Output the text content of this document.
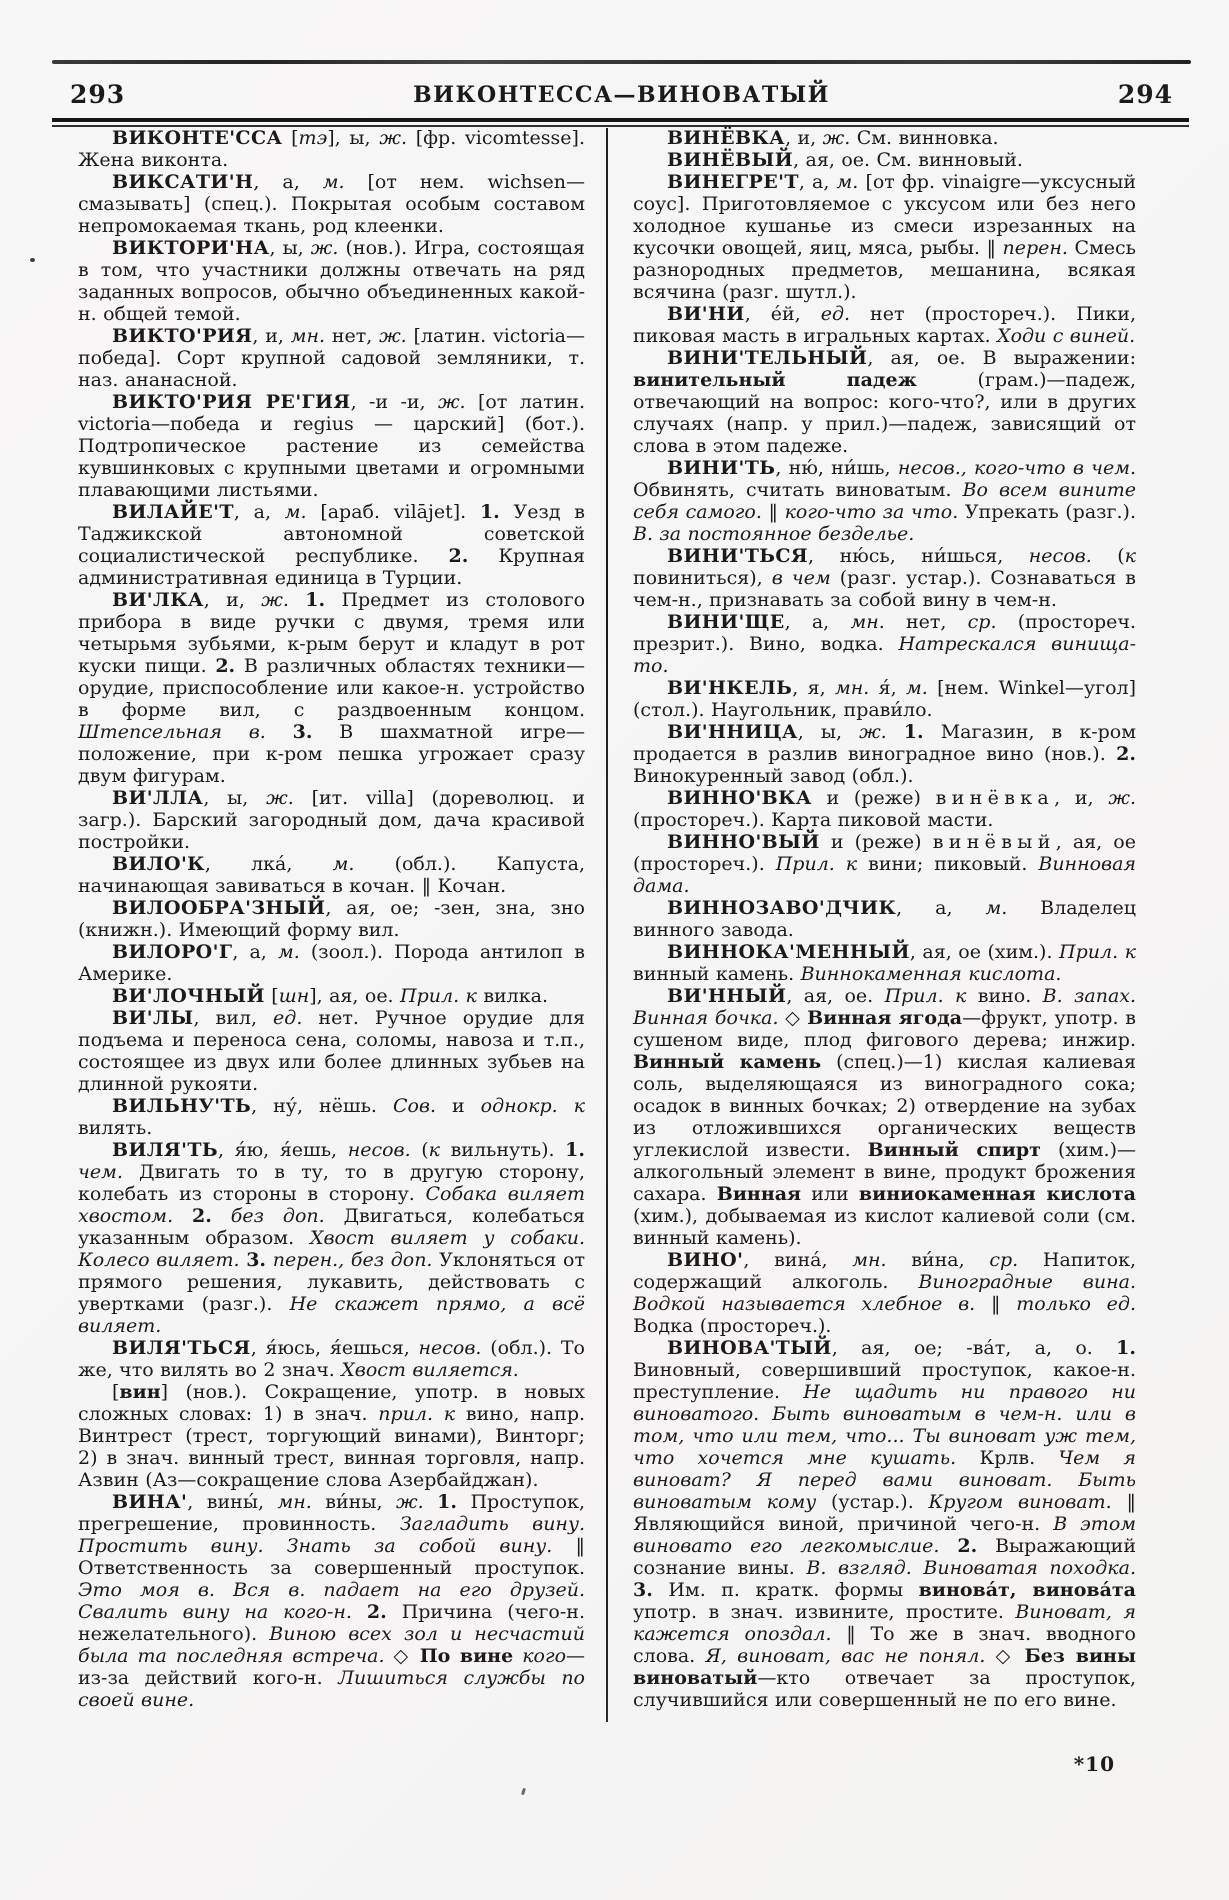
293	ВИКОНТЕССА—ВИНОВАТЫЙ	294

ВИКОНТЕ'ССА [тэ], ы, ж. [фр. vicomtesse]. Жена виконта.

ВИКСАТИ'Н, а, м. [от нем. wichsen—смазывать] (спец.). Покрытая особым составом непромокаемая ткань, род клеенки.

ВИКТОРИ'НА, ы, ж. (нов.). Игра, состоящая в том, что участники должны отвечать на ряд заданных вопросов, обычно объединенных какой-н. общей темой.

ВИКТО'РИЯ, и, мн. нет, ж. [латин. victoria—победа]. Сорт крупной садовой земляники, т. наз. ананасной.

ВИКТО'РИЯ РЕ'ГИЯ, -и -и, ж. [от латин. victoria—победа и regius — царский] (бот.). Подтропическое растение из семейства кувшинковых с крупными цветами и огромными плавающими листьями.

ВИЛАЙЕ'Т, а, м. [араб. vilājet]. 1. Уезд в Таджикской автономной советской социалистической республике. 2. Крупная административная единица в Турции.

ВИ'ЛКА, и, ж. 1. Предмет из столового прибора в виде ручки с двумя, тремя или четырьмя зубьями, к-рым берут и кладут в рот куски пищи. 2. В различных областях техники—орудие, приспособление или какое-н. устройство в форме вил, с раздвоенным концом. Штепсельная в. 3. В шахматной игре—положение, при к-ром пешка угрожает сразу двум фигурам.

ВИ'ЛЛА, ы, ж. [ит. villa] (дореволюц. и загр.). Барский загородный дом, дача красивой постройки.

ВИЛО'К, лка́, м. (обл.). Капуста, начинающая завиваться в кочан. ‖ Кочан.

ВИЛООБРА'ЗНЫЙ, ая, ое; -зен, зна, зно (книжн.). Имеющий форму вил.

ВИЛОРО'Г, а, м. (зоол.). Порода антилоп в Америке.

ВИ'ЛОЧНЫЙ [шн], ая, ое. Прил. к вилка.

ВИ'ЛЫ, вил, ед. нет. Ручное орудие для подъема и переноса сена, соломы, навоза и т.п., состоящее из двух или более длинных зубьев на длинной рукояти.

ВИЛЬНУ'ТЬ, ну́, нёшь. Сов. и однокр. к вилять.

ВИЛЯ'ТЬ, я́ю, я́ешь, несов. (к вильнуть). 1. чем. Двигать то в ту, то в другую сторону, колебать из стороны в сторону. Собака виляет хвостом. 2. без доп. Двигаться, колебаться указанным образом. Хвост виляет у собаки. Колесо виляет. 3. перен., без доп. Уклоняться от прямого решения, лукавить, действовать с увертками (разг.). Не скажет прямо, а всё виляет.

ВИЛЯ'ТЬСЯ, я́юсь, я́ешься, несов. (обл.). То же, что вилять во 2 знач. Хвост виляется.

[вин] (нов.). Сокращение, употр. в новых сложных словах: 1) в знач. прил. к вино, напр. Винтрест (трест, торгующий винами), Винторг; 2) в знач. винный трест, винная торговля, напр. Азвин (Аз—сокращение слова Азербайджан).

ВИНА', вины́, мн. ви́ны, ж. 1. Проступок, прегрешение, провинность. Загладить вину. Простить вину. Знать за собой вину. ‖ Ответственность за совершенный проступок. Это моя в. Вся в. падает на его друзей. Свалить вину на кого-н. 2. Причина (чего-н. нежелательного). Виною всех зол и несчастий была та последняя встреча. ◇ По вине кого—из-за действий кого-н. Лишиться службы по своей вине.

ВИНЁВКА, и, ж. См. винновка.

ВИНЁВЫЙ, ая, ое. См. винновый.

ВИНЕГРЕ'Т, а, м. [от фр. vinaigre—уксусный соус]. Приготовляемое с уксусом или без него холодное кушанье из смеси изрезанных на кусочки овощей, яиц, мяса, рыбы. ‖ перен. Смесь разнородных предметов, мешанина, всякая всячина (разг. шутл.).

ВИ'НИ, е́й, ед. нет (простореч.). Пики, пиковая масть в игральных картах. Ходи с виней.

ВИНИ'ТЕЛЬНЫЙ, ая, ое. В выражении: винительный падеж (грам.)—падеж, отвечающий на вопрос: кого-что?, или в других случаях (напр. у прил.)—падеж, зависящий от слова в этом падеже.

ВИНИ'ТЬ, ню́, ни́шь, несов., кого-что в чем. Обвинять, считать виноватым. Во всем вините себя самого. ‖ кого-что за что. Упрекать (разг.). В. за постоянное безделье.

ВИНИ'ТЬСЯ, ню́сь, ни́шься, несов. (к повиниться), в чем (разг. устар.). Сознаваться в чем-н., признавать за собой вину в чем-н.

ВИНИ'ЩЕ, а, мн. нет, ср. (простореч. презрит.). Вино, водка. Натрескался винища-то.

ВИ'НКЕЛЬ, я, мн. я́, м. [нем. Winkel—угол] (стол.). Наугольник, прави́ло.

ВИ'ННИЦА, ы, ж. 1. Магазин, в к-ром продается в разлив виноградное вино (нов.). 2. Винокуренный завод (обл.).

ВИННО'ВКА и (реже) винёвка, и, ж. (простореч.). Карта пиковой масти.

ВИННО'ВЫЙ и (реже) винёвый, ая, ое (простореч.). Прил. к вини; пиковый. Винновая дама.

ВИННОЗАВО'ДЧИК, а, м. Владелец винного завода.

ВИННОКА'МЕННЫЙ, ая, ое (хим.). Прил. к винный камень. Виннокаменная кислота.

ВИ'ННЫЙ, ая, ое. Прил. к вино. В. запах. Винная бочка. ◇ Винная ягода—фрукт, употр. в сушеном виде, плод фигового дерева; инжир. Винный камень (спец.)—1) кислая калиевая соль, выделяющаяся из виноградного сока; осадок в винных бочках; 2) отвердение на зубах из отложившихся органических веществ углекислой извести. Винный спирт (хим.)—алкогольный элемент в вине, продукт брожения сахара. Винная или виниокаменная кислота (хим.), добываемая из кислот калиевой соли (см. винный камень).

ВИНО', вина́, мн. ви́на, ср. Напиток, содержащий алкоголь. Виноградные вина. Водкой называется хлебное в. ‖ только ед. Водка (простореч.).

ВИНОВА'ТЫЙ, ая, ое; -ва́т, а, о. 1. Виновный, совершивший проступок, какое-н. преступление. Не щадить ни правого ни виноватого. Быть виноватым в чем-н. или в том, что или тем, что... Ты виноват уж тем, что хочется мне кушать. Крлв. Чем я виноват? Я перед вами виноват. Быть виноватым кому (устар.). Кругом виноват. ‖ Являющийся виной, причиной чего-н. В этом виновато его легкомыслие. 2. Выражающий сознание вины. В. взгляд. Виноватая походка. 3. Им. п. кратк. формы винова́т, винова́та употр. в знач. извините, простите. Виноват, я кажется опоздал. ‖ То же в знач. вводного слова. Я, виноват, вас не понял. ◇ Без вины виноватый—кто отвечает за проступок, случившийся или совершенный не по его вине.

*10
